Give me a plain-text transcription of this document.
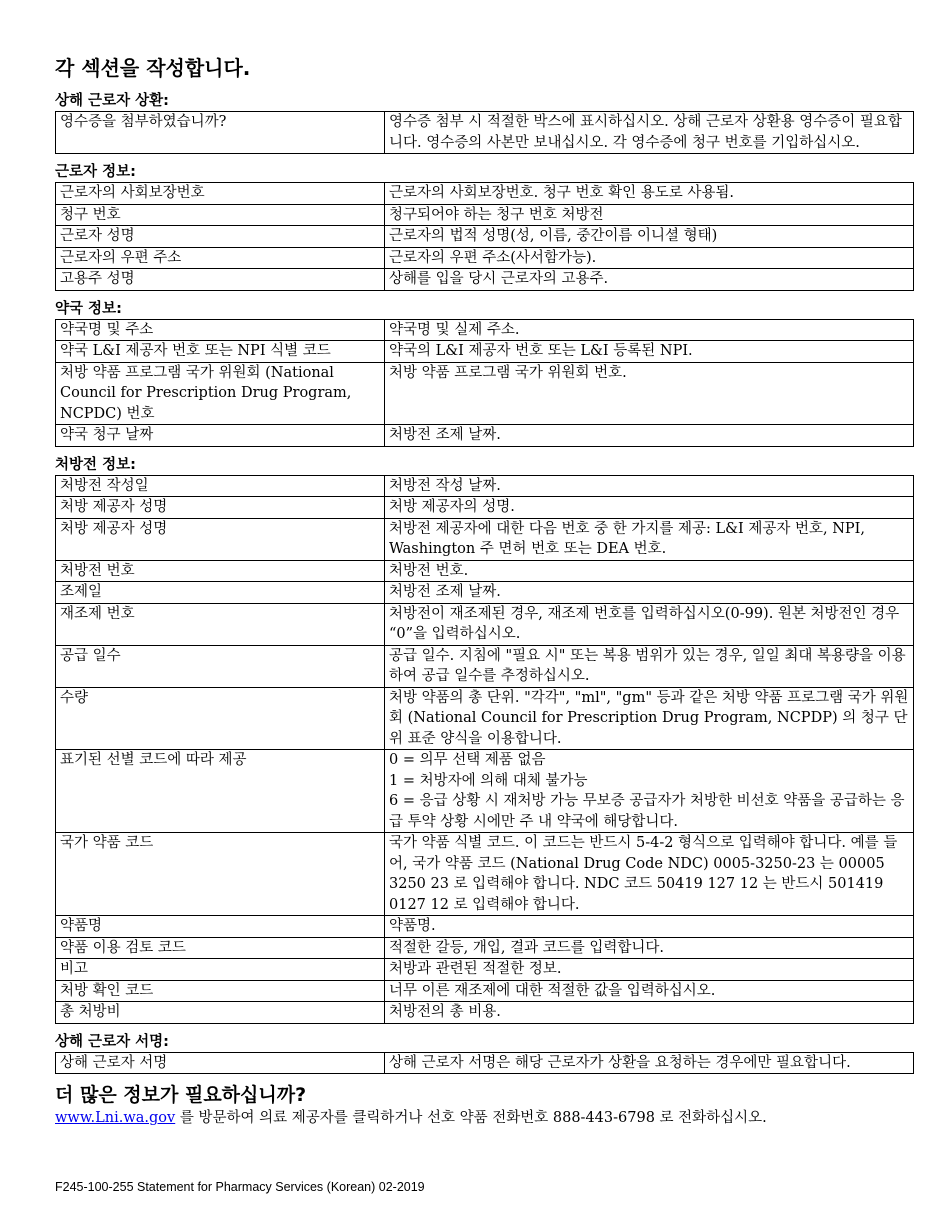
각 섹션을 작성합니다.
상해 근로자 상환:
영수증을 첨부하였습니까?	영수증 첨부 시 적절한 박스에 표시하십시오. 상해 근로자 상환용 영수증이 필요합니다. 영수증의 사본만 보내십시오. 각 영수증에 청구 번호를 기입하십시오.
근로자 정보:
근로자의 사회보장번호	근로자의 사회보장번호. 청구 번호 확인 용도로 사용됨.
청구 번호	청구되어야 하는 청구 번호 처방전
근로자 성명	근로자의 법적 성명(성, 이름, 중간이름 이니셜 형태)
근로자의 우편 주소	근로자의 우편 주소(사서함가능).
고용주 성명	상해를 입을 당시 근로자의 고용주.
약국 정보:
약국명 및 주소	약국명 및 실제 주소.
약국 L&I 제공자 번호 또는 NPI 식별 코드	약국의 L&I 제공자 번호 또는 L&I 등록된 NPI.
처방 약품 프로그램 국가 위원회 (National Council for Prescription Drug Program, NCPDC) 번호	처방 약품 프로그램 국가 위원회 번호.
약국 청구 날짜	처방전 조제 날짜.
처방전 정보:
처방전 작성일	처방전 작성 날짜.
처방 제공자 성명	처방 제공자의 성명.
처방 제공자 성명	처방전 제공자에 대한 다음 번호 중 한 가지를 제공: L&I 제공자 번호, NPI, Washington 주 면허 번호 또는 DEA 번호.
처방전 번호	처방전 번호.
조제일	처방전 조제 날짜.
재조제 번호	처방전이 재조제된 경우, 재조제 번호를 입력하십시오(0-99). 원본 처방전인 경우 “0”을 입력하십시오.
공급 일수	공급 일수. 지침에 "필요 시" 또는 복용 범위가 있는 경우, 일일 최대 복용량을 이용하여 공급 일수를 추정하십시오.
수량	처방 약품의 총 단위. "각각", "ml", "gm" 등과 같은 처방 약품 프로그램 국가 위원회 (National Council for Prescription Drug Program, NCPDP) 의 청구 단위 표준 양식을 이용합니다.
표기된 선별 코드에 따라 제공	0 = 의무 선택 제품 없음
1 = 처방자에 의해 대체 불가능
6 = 응급 상황 시 재처방 가능 무보증 공급자가 처방한 비선호 약품을 공급하는 응급 투약 상황 시에만 주 내 약국에 해당합니다.
국가 약품 코드	국가 약품 식별 코드. 이 코드는 반드시 5-4-2 형식으로 입력해야 합니다. 예를 들어, 국가 약품 코드 (National Drug Code NDC) 0005-3250-23 는 00005 3250 23 로 입력해야 합니다. NDC 코드 50419 127 12 는 반드시 501419 0127 12 로 입력해야 합니다.
약품명	약품명.
약품 이용 검토 코드	적절한 갈등, 개입, 결과 코드를 입력합니다.
비고	처방과 관련된 적절한 정보.
처방 확인 코드	너무 이른 재조제에 대한 적절한 값을 입력하십시오.
총 처방비	처방전의 총 비용.
상해 근로자 서명:
상해 근로자 서명	상해 근로자 서명은 해당 근로자가 상환을 요청하는 경우에만 필요합니다.
더 많은 정보가 필요하십니까?
www.Lni.wa.gov 를 방문하여 의료 제공자를 클릭하거나 선호 약품 전화번호 888-443-6798 로 전화하십시오.
F245-100-255 Statement for Pharmacy Services (Korean) 02-2019
